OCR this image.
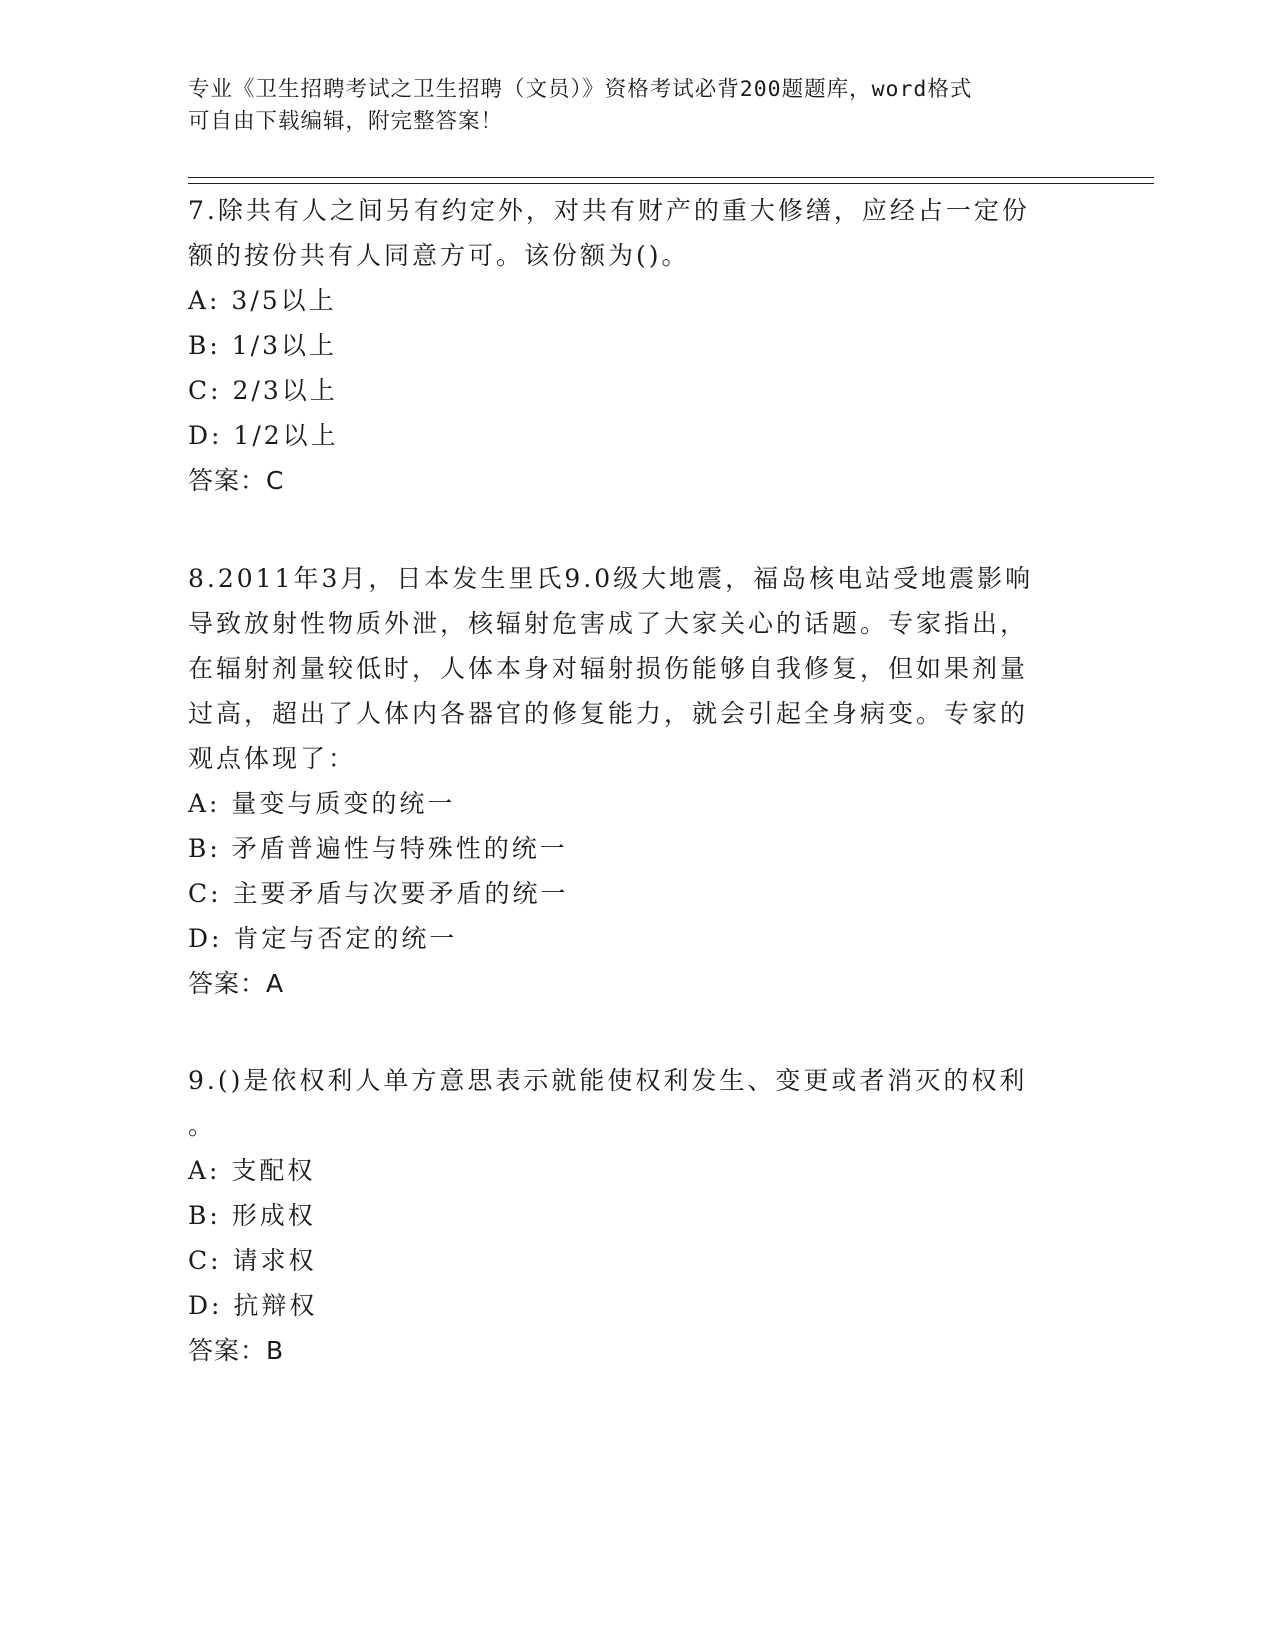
专业《卫生招聘考试之卫生招聘（文员）》资格考试必背200题题库，word格式
可自由下载编辑，附完整答案！

7.除共有人之间另有约定外，对共有财产的重大修缮，应经占一定份

额的按份共有人同意方可。该份额为()。

A: 3/5以上

B: 1/3以上

C: 2/3以上

D: 1/2以上

答案：C

8.2011年3月，日本发生里氏9.0级大地震，福岛核电站受地震影响

导致放射性物质外泄，核辐射危害成了大家关心的话题。专家指出，

在辐射剂量较低时，人体本身对辐射损伤能够自我修复，但如果剂量

过高，超出了人体内各器官的修复能力，就会引起全身病变。专家的

观点体现了：

A: 量变与质变的统一

B: 矛盾普遍性与特殊性的统一

C: 主要矛盾与次要矛盾的统一

D: 肯定与否定的统一

答案：A

9.()是依权利人单方意思表示就能使权利发生、变更或者消灭的权利

。

A: 支配权

B: 形成权

C: 请求权

D: 抗辩权

答案：B
